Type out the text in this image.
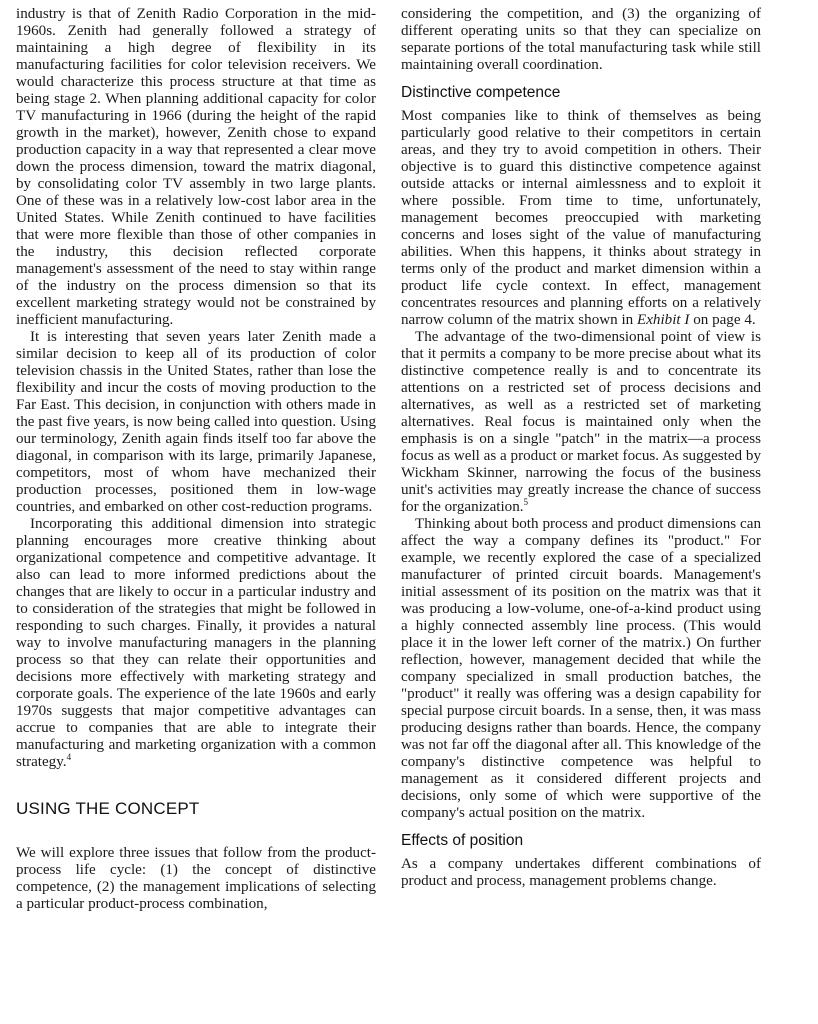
industry is that of Zenith Radio Corporation in the mid-1960s. Zenith had generally followed a strategy of maintaining a high degree of flexibility in its manufacturing facilities for color television receivers. We would characterize this process structure at that time as being stage 2. When planning additional capacity for color TV manufacturing in 1966 (during the height of the rapid growth in the market), however, Zenith chose to expand production capacity in a way that represented a clear move down the process dimension, toward the matrix diagonal, by consolidating color TV assembly in two large plants. One of these was in a relatively low-cost labor area in the United States. While Zenith continued to have facilities that were more flexible than those of other companies in the industry, this decision reflected corporate management's assessment of the need to stay within range of the industry on the process dimension so that its excellent marketing strategy would not be constrained by inefficient manufacturing.

It is interesting that seven years later Zenith made a similar decision to keep all of its production of color television chassis in the United States, rather than lose the flexibility and incur the costs of moving production to the Far East. This decision, in conjunction with others made in the past five years, is now being called into question. Using our terminology, Zenith again finds itself too far above the diagonal, in comparison with its large, primarily Japanese, competitors, most of whom have mechanized their production processes, positioned them in low-wage countries, and embarked on other cost-reduction programs.

Incorporating this additional dimension into strategic planning encourages more creative thinking about organizational competence and competitive advantage. It also can lead to more informed predictions about the changes that are likely to occur in a particular industry and to consideration of the strategies that might be followed in responding to such charges. Finally, it provides a natural way to involve manufacturing managers in the planning process so that they can relate their opportunities and decisions more effectively with marketing strategy and corporate goals. The experience of the late 1960s and early 1970s suggests that major competitive advantages can accrue to companies that are able to integrate their manufacturing and marketing organization with a common strategy.$^4$

USING THE CONCEPT

We will explore three issues that follow from the product-process life cycle: (1) the concept of distinctive competence, (2) the management implications of selecting a particular product-process combination,

considering the competition, and (3) the organizing of different operating units so that they can specialize on separate portions of the total manufacturing task while still maintaining overall coordination.

Distinctive competence

Most companies like to think of themselves as being particularly good relative to their competitors in certain areas, and they try to avoid competition in others. Their objective is to guard this distinctive competence against outside attacks or internal aimlessness and to exploit it where possible. From time to time, unfortunately, management becomes preoccupied with marketing concerns and loses sight of the value of manufacturing abilities. When this happens, it thinks about strategy in terms only of the product and market dimension within a product life cycle context. In effect, management concentrates resources and planning efforts on a relatively narrow column of the matrix shown in Exhibit I on page 4.

The advantage of the two-dimensional point of view is that it permits a company to be more precise about what its distinctive competence really is and to concentrate its attentions on a restricted set of process decisions and alternatives, as well as a restricted set of marketing alternatives. Real focus is maintained only when the emphasis is on a single "patch" in the matrix—a process focus as well as a product or market focus. As suggested by Wickham Skinner, narrowing the focus of the business unit's activities may greatly increase the chance of success for the organization.$^5$

Thinking about both process and product dimensions can affect the way a company defines its "product." For example, we recently explored the case of a specialized manufacturer of printed circuit boards. Management's initial assessment of its position on the matrix was that it was producing a low-volume, one-of-a-kind product using a highly connected assembly line process. (This would place it in the lower left corner of the matrix.) On further reflection, however, management decided that while the company specialized in small production batches, the "product" it really was offering was a design capability for special purpose circuit boards. In a sense, then, it was mass producing designs rather than boards. Hence, the company was not far off the diagonal after all. This knowledge of the company's distinctive competence was helpful to management as it considered different projects and decisions, only some of which were supportive of the company's actual position on the matrix.

Effects of position

As a company undertakes different combinations of product and process, management problems change.
